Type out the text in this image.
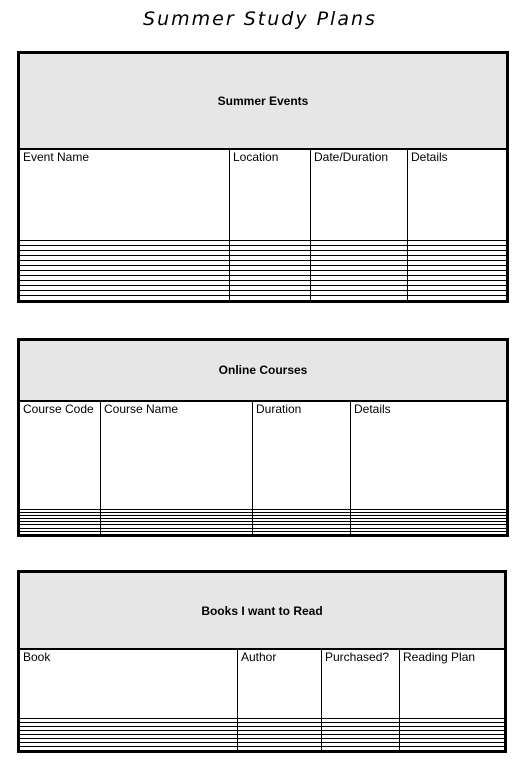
Summer Study Plans
Summer Events			
Event Name	Location	Date/Duration	Details

Online Courses			
Course Code	Course Name	Duration	Details

Books I want to Read			
Book	Author	Purchased?	Reading Plan
